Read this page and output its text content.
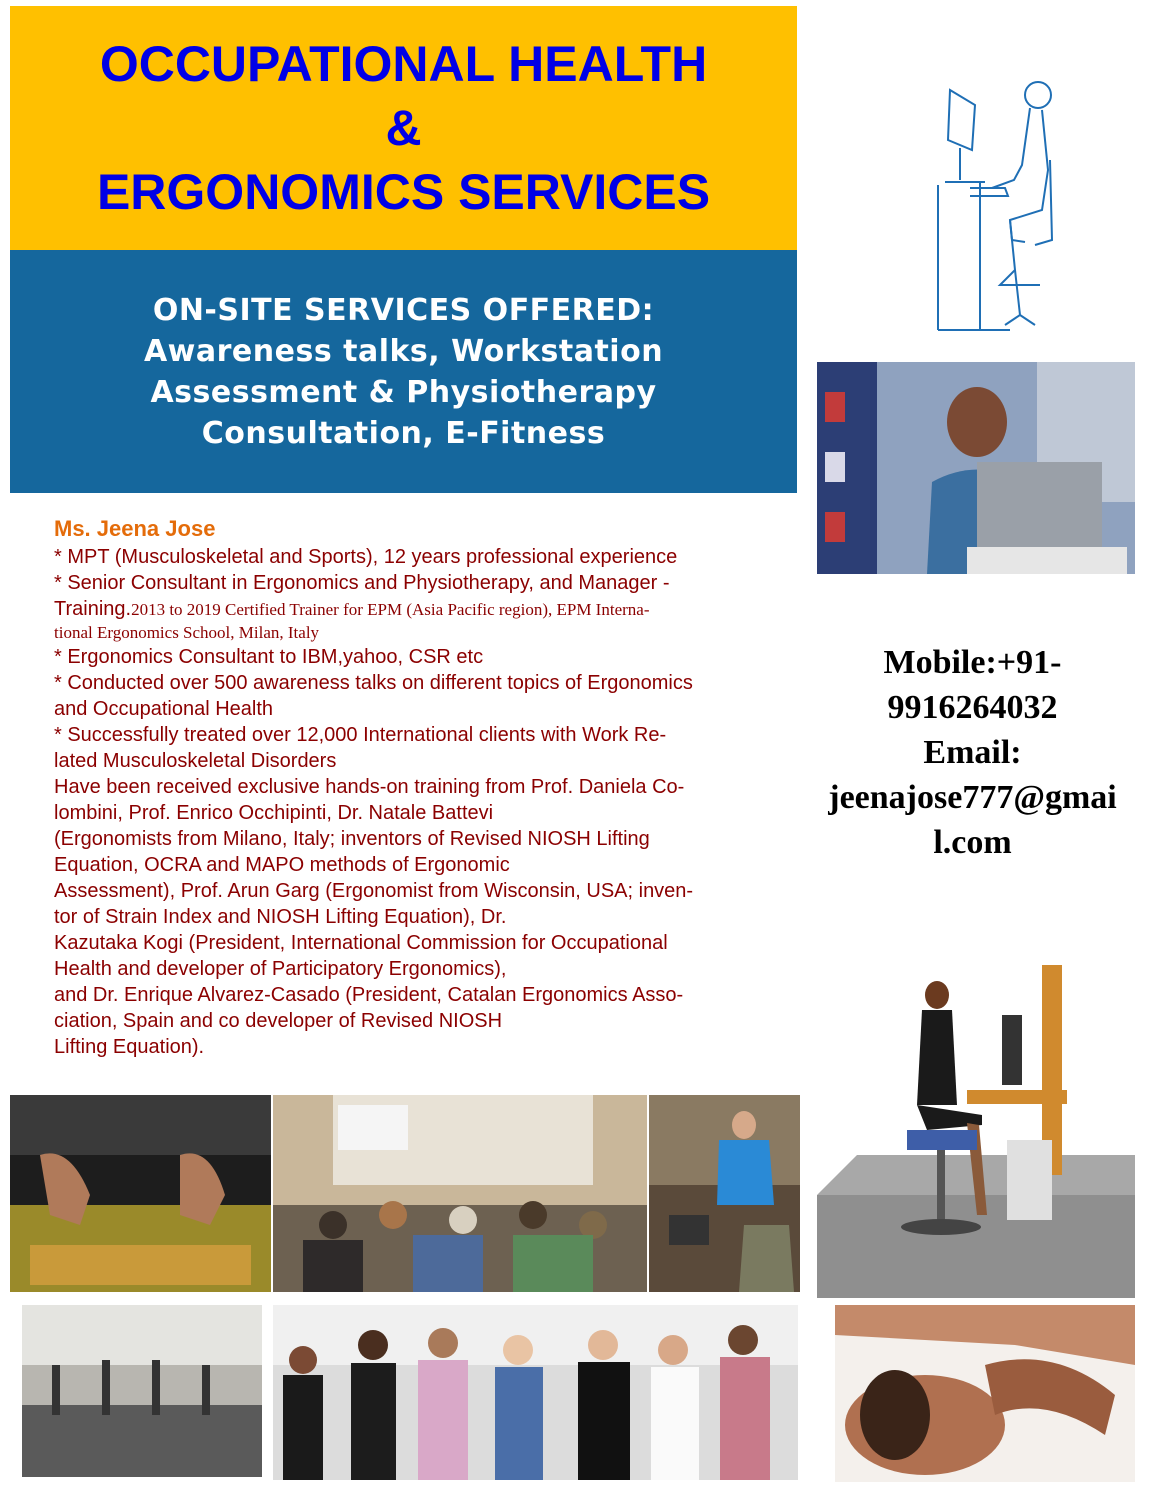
OCCUPATIONAL HEALTH
&
ERGONOMICS SERVICES
ON-SITE SERVICES OFFERED:
Awareness talks, Workstation
Assessment & Physiotherapy
Consultation, E-Fitness
Ms. Jeena Jose
* MPT (Musculoskeletal and Sports), 12 years professional experience
* Senior Consultant in Ergonomics and Physiotherapy, and Manager -
Training.2013 to 2019 Certified Trainer for EPM (Asia Pacific region), EPM Interna-
tional Ergonomics School, Milan, Italy
* Ergonomics Consultant to IBM,yahoo, CSR etc
* Conducted over 500 awareness talks on different topics of Ergonomics
and Occupational Health
* Successfully treated over 12,000 International clients with Work Re-
lated Musculoskeletal Disorders
Have been received exclusive hands-on training from Prof. Daniela Co-
lombini, Prof. Enrico Occhipinti, Dr. Natale Battevi
(Ergonomists from Milano, Italy; inventors of Revised NIOSH Lifting
Equation, OCRA and MAPO methods of Ergonomic
Assessment), Prof. Arun Garg (Ergonomist from Wisconsin, USA; inven-
tor of Strain Index and NIOSH Lifting Equation), Dr.
Kazutaka Kogi (President, International Commission for Occupational
Health and developer of Participatory Ergonomics),
and Dr. Enrique Alvarez-Casado (President, Catalan Ergonomics Asso-
ciation, Spain and co developer of Revised NIOSH
Lifting Equation).
Mobile:+91-
9916264032
Email:
jeenajose777@gmai
l.com
